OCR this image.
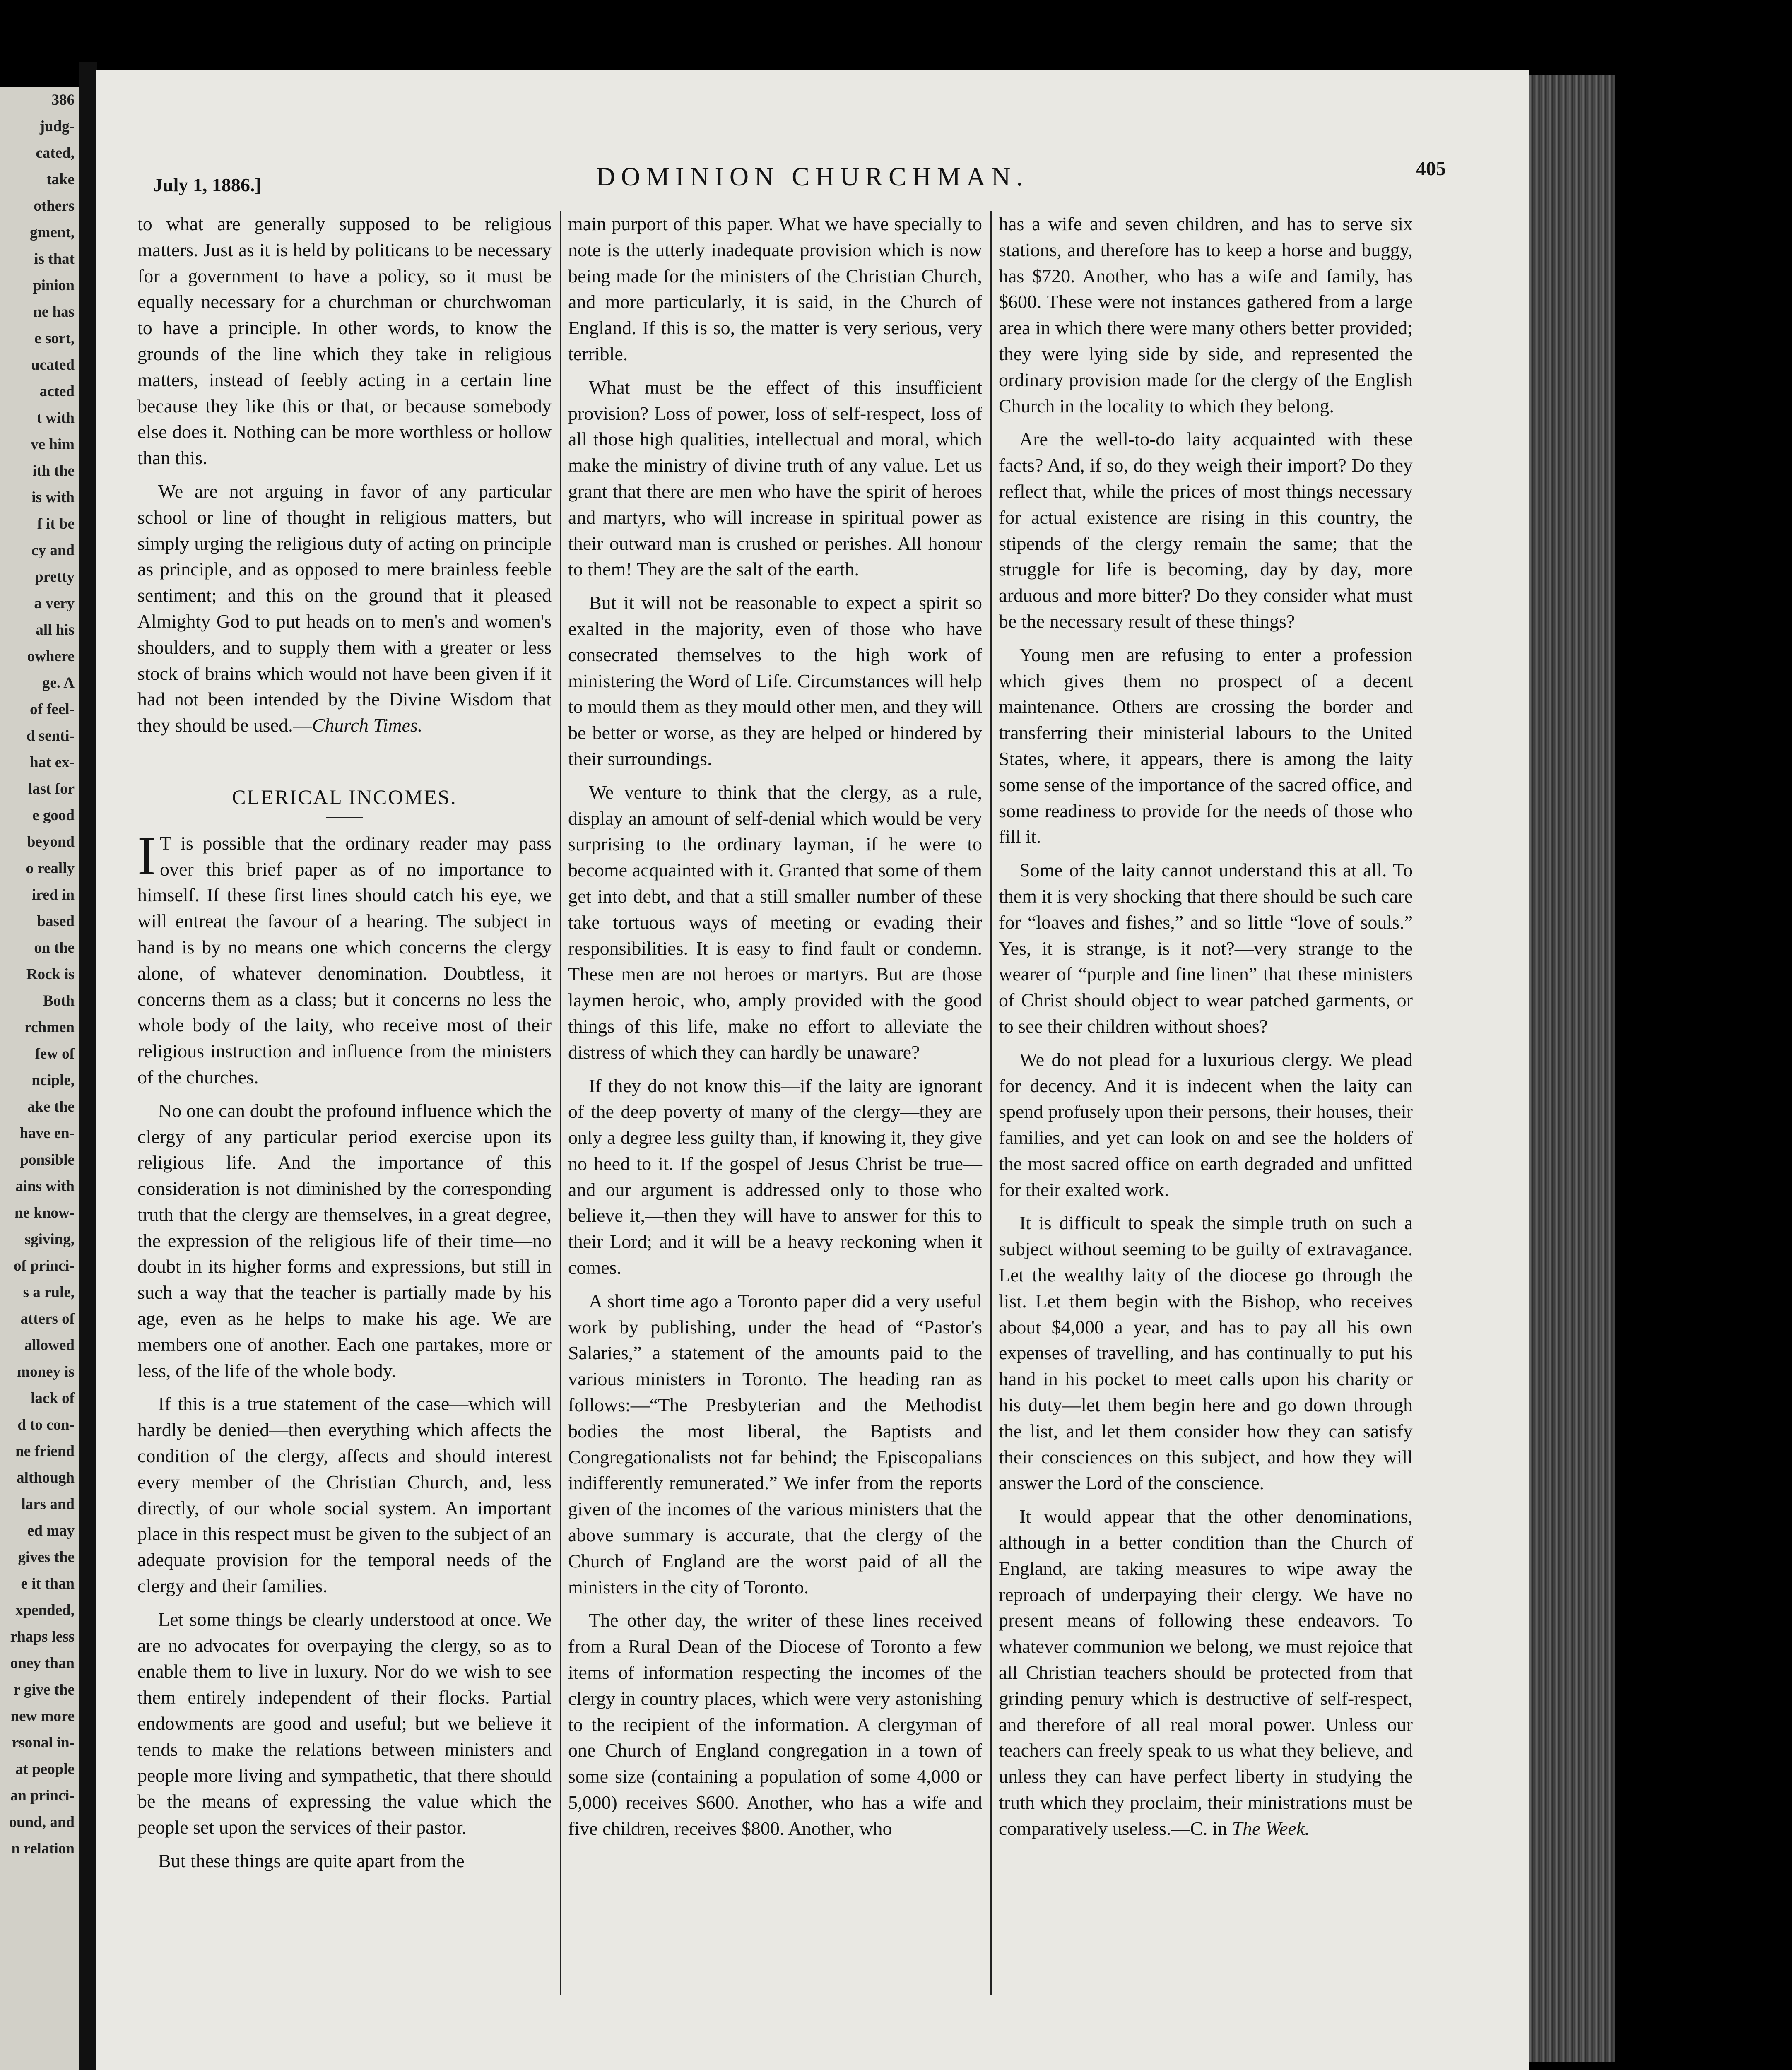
386
judg-
cated,
take
others
gment,
is that
pinion
ne has
e sort,
ucated
acted
t with
ve him
ith the
is with
f it be
cy and
pretty
a very
all his
owhere
ge. A
of feel-
d senti-
hat ex-
last for
e good
beyond
o really
ired in
based
on the
Rock is
Both
rchmen
few of
nciple,
ake the
have en-
ponsible
ains with
ne know-
sgiving,
of princi-
s a rule,
atters of
allowed
money is
lack of
d to con-
ne friend
although
lars and
ed may
gives the
e it than
xpended,
rhaps less
oney than
r give the
new more
rsonal in-
at people
an princi-
ound, and
n relation
July 1, 1886.]	DOMINION CHURCHMAN.	405

to what are generally supposed to be religious matters. Just as it is held by politicans to be necessary for a government to have a policy, so it must be equally necessary for a churchman or churchwoman to have a principle. In other words, to know the grounds of the line which they take in religious matters, instead of feebly acting in a certain line because they like this or that, or because somebody else does it. Nothing can be more worthless or hollow than this.

We are not arguing in favor of any particular school or line of thought in religious matters, but simply urging the religious duty of acting on principle as principle, and as opposed to mere brainless feeble sentiment; and this on the ground that it pleased Almighty God to put heads on to men's and women's shoulders, and to supply them with a greater or less stock of brains which would not have been given if it had not been intended by the Divine Wisdom that they should be used.—Church Times.

CLERICAL INCOMES.

I T is possible that the ordinary reader may pass over this brief paper as of no importance to himself. If these first lines should catch his eye, we will entreat the favour of a hearing. The subject in hand is by no means one which concerns the clergy alone, of whatever denomination. Doubtless, it concerns them as a class; but it concerns no less the whole body of the laity, who receive most of their religious instruction and influence from the ministers of the churches.

No one can doubt the profound influence which the clergy of any particular period exercise upon its religious life. And the importance of this consideration is not diminished by the corresponding truth that the clergy are themselves, in a great degree, the expression of the religious life of their time—no doubt in its higher forms and expressions, but still in such a way that the teacher is partially made by his age, even as he helps to make his age. We are members one of another. Each one partakes, more or less, of the life of the whole body.

If this is a true statement of the case—which will hardly be denied—then everything which affects the condition of the clergy, affects and should interest every member of the Christian Church, and, less directly, of our whole social system. An important place in this respect must be given to the subject of an adequate provision for the temporal needs of the clergy and their families.

Let some things be clearly understood at once. We are no advocates for overpaying the clergy, so as to enable them to live in luxury. Nor do we wish to see them entirely independent of their flocks. Partial endowments are good and useful; but we believe it tends to make the relations between ministers and people more living and sympathetic, that there should be the means of expressing the value which the people set upon the services of their pastor.

But these things are quite apart from the

main purport of this paper. What we have specially to note is the utterly inadequate provision which is now being made for the ministers of the Christian Church, and more particularly, it is said, in the Church of England. If this is so, the matter is very serious, very terrible.

What must be the effect of this insufficient provision? Loss of power, loss of self-respect, loss of all those high qualities, intellectual and moral, which make the ministry of divine truth of any value. Let us grant that there are men who have the spirit of heroes and martyrs, who will increase in spiritual power as their outward man is crushed or perishes. All honour to them! They are the salt of the earth.

But it will not be reasonable to expect a spirit so exalted in the majority, even of those who have consecrated themselves to the high work of ministering the Word of Life. Circumstances will help to mould them as they mould other men, and they will be better or worse, as they are helped or hindered by their surroundings.

We venture to think that the clergy, as a rule, display an amount of self-denial which would be very surprising to the ordinary layman, if he were to become acquainted with it. Granted that some of them get into debt, and that a still smaller number of these take tortuous ways of meeting or evading their responsibilities. It is easy to find fault or condemn. These men are not heroes or martyrs. But are those laymen heroic, who, amply provided with the good things of this life, make no effort to alleviate the distress of which they can hardly be unaware?

If they do not know this—if the laity are ignorant of the deep poverty of many of the clergy—they are only a degree less guilty than, if knowing it, they give no heed to it. If the gospel of Jesus Christ be true—and our argument is addressed only to those who believe it,—then they will have to answer for this to their Lord; and it will be a heavy reckoning when it comes.

A short time ago a Toronto paper did a very useful work by publishing, under the head of “Pastor's Salaries,” a statement of the amounts paid to the various ministers in Toronto. The heading ran as follows:—“The Presbyterian and the Methodist bodies the most liberal, the Baptists and Congregationalists not far behind; the Episcopalians indifferently remunerated.” We infer from the reports given of the incomes of the various ministers that the above summary is accurate, that the clergy of the Church of England are the worst paid of all the ministers in the city of Toronto.

The other day, the writer of these lines received from a Rural Dean of the Diocese of Toronto a few items of information respecting the incomes of the clergy in country places, which were very astonishing to the recipient of the information. A clergyman of one Church of England congregation in a town of some size (containing a population of some 4,000 or 5,000) receives $600. Another, who has a wife and five children, receives $800. Another, who

has a wife and seven children, and has to serve six stations, and therefore has to keep a horse and buggy, has $720. Another, who has a wife and family, has $600. These were not instances gathered from a large area in which there were many others better provided; they were lying side by side, and represented the ordinary provision made for the clergy of the English Church in the locality to which they belong.

Are the well-to-do laity acquainted with these facts? And, if so, do they weigh their import? Do they reflect that, while the prices of most things necessary for actual existence are rising in this country, the stipends of the clergy remain the same; that the struggle for life is becoming, day by day, more arduous and more bitter? Do they consider what must be the necessary result of these things?

Young men are refusing to enter a profession which gives them no prospect of a decent maintenance. Others are crossing the border and transferring their ministerial labours to the United States, where, it appears, there is among the laity some sense of the importance of the sacred office, and some readiness to provide for the needs of those who fill it.

Some of the laity cannot understand this at all. To them it is very shocking that there should be such care for “loaves and fishes,” and so little “love of souls.” Yes, it is strange, is it not?—very strange to the wearer of “purple and fine linen” that these ministers of Christ should object to wear patched garments, or to see their children without shoes?

We do not plead for a luxurious clergy. We plead for decency. And it is indecent when the laity can spend profusely upon their persons, their houses, their families, and yet can look on and see the holders of the most sacred office on earth degraded and unfitted for their exalted work.

It is difficult to speak the simple truth on such a subject without seeming to be guilty of extravagance. Let the wealthy laity of the diocese go through the list. Let them begin with the Bishop, who receives about $4,000 a year, and has to pay all his own expenses of travelling, and has continually to put his hand in his pocket to meet calls upon his charity or his duty—let them begin here and go down through the list, and let them consider how they can satisfy their consciences on this subject, and how they will answer the Lord of the conscience.

It would appear that the other denominations, although in a better condition than the Church of England, are taking measures to wipe away the reproach of underpaying their clergy. We have no present means of following these endeavors. To whatever communion we belong, we must rejoice that all Christian teachers should be protected from that grinding penury which is destructive of self-respect, and therefore of all real moral power. Unless our teachers can freely speak to us what they believe, and unless they can have perfect liberty in studying the truth which they proclaim, their ministrations must be comparatively useless.—C. in The Week.
